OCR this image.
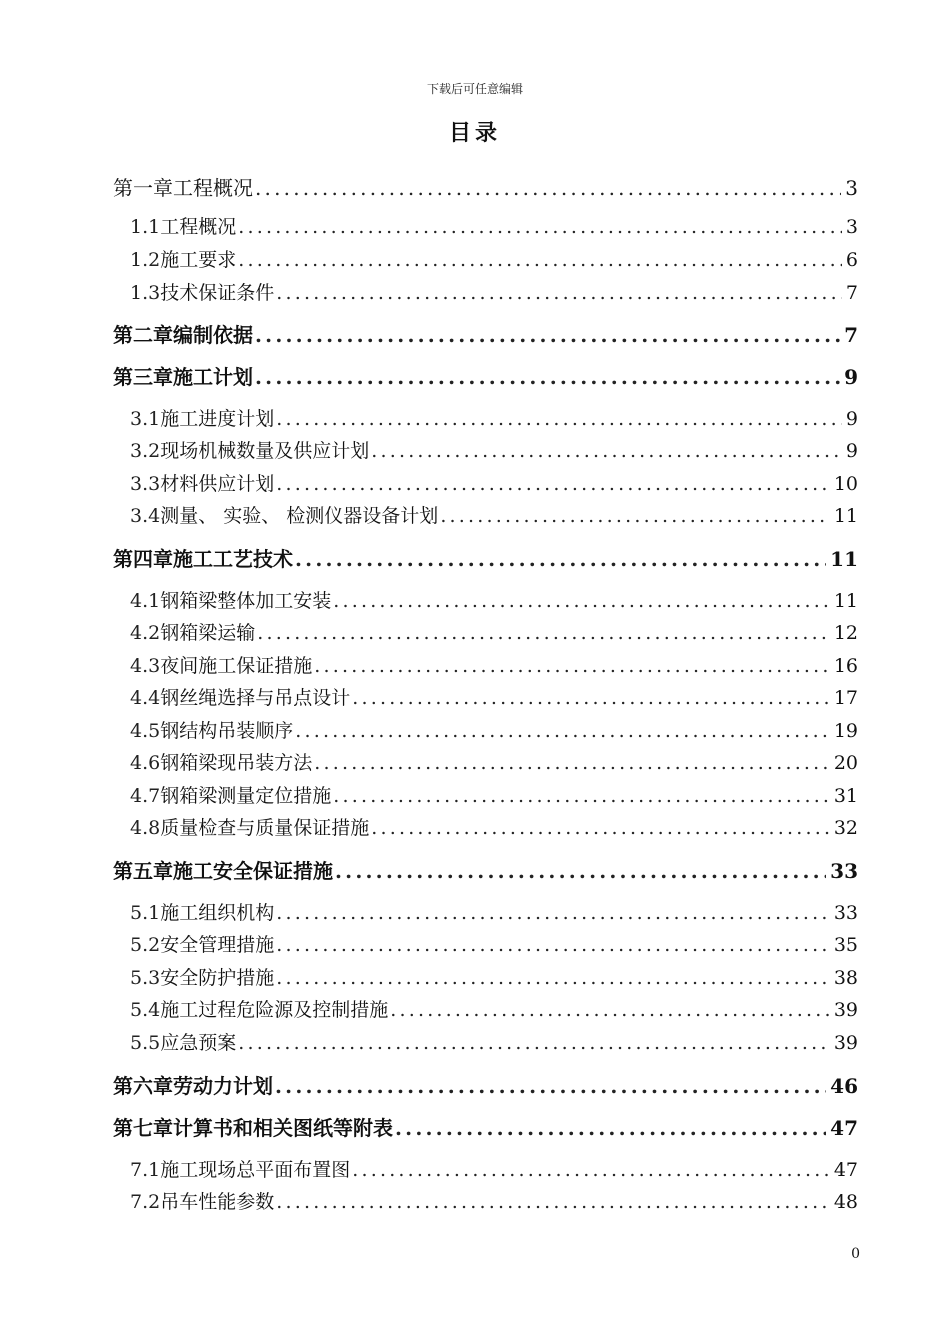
下载后可任意编辑
目录
第一章工程概况 .....	3
1.1 工程概况 .....	3
1.2 施工要求 .....	6
1.3 技术保证条件 .....	7
第二章编制依据 .....	7
第三章施工计划 .....	9
3.1 施工进度计划 .....	9
3.2 现场机械数量及供应计划 .....	9
3.3 材料供应计划 .....	10
3.4 测量、 实验、 检测仪器设备计划 .....	11
第四章施工工艺技术 .....	11
4.1 钢箱梁整体加工安装 .....	11
4.2 钢箱梁运输 .....	12
4.3 夜间施工保证措施 .....	16
4.4 钢丝绳选择与吊点设计 .....	17
4.5 钢结构吊装顺序 .....	19
4.6 钢箱梁现吊装方法 .....	20
4.7 钢箱梁测量定位措施 .....	31
4.8 质量检查与质量保证措施 .....	32
第五章施工安全保证措施 .....	33
5.1 施工组织机构 .....	33
5.2 安全管理措施 .....	35
5.3 安全防护措施 .....	38
5.4 施工过程危险源及控制措施 .....	39
5.5 应急预案 .....	39
第六章劳动力计划 .....	46
第七章计算书和相关图纸等附表 .....	47
7.1 施工现场总平面布置图 .....	47
7.2 吊车性能参数 .....	48
0
